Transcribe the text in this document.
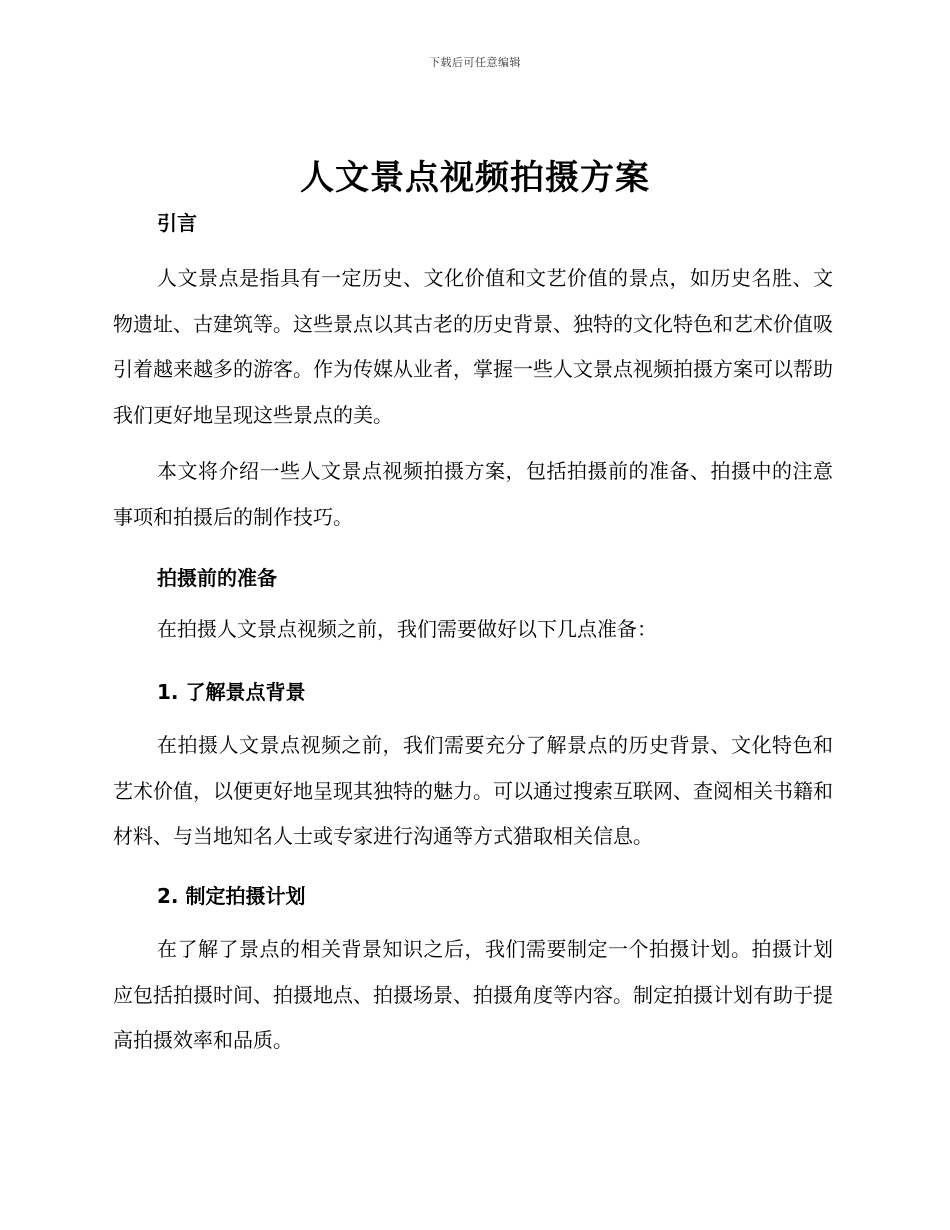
下载后可任意编辑
人文景点视频拍摄方案
引言

人文景点是指具有一定历史、文化价值和文艺价值的景点，如历史名胜、文物遗址、古建筑等。这些景点以其古老的历史背景、独特的文化特色和艺术价值吸引着越来越多的游客。作为传媒从业者，掌握一些人文景点视频拍摄方案可以帮助我们更好地呈现这些景点的美。

本文将介绍一些人文景点视频拍摄方案，包括拍摄前的准备、拍摄中的注意事项和拍摄后的制作技巧。

拍摄前的准备

在拍摄人文景点视频之前，我们需要做好以下几点准备：

1. 了解景点背景

在拍摄人文景点视频之前，我们需要充分了解景点的历史背景、文化特色和艺术价值，以便更好地呈现其独特的魅力。可以通过搜索互联网、查阅相关书籍和材料、与当地知名人士或专家进行沟通等方式猎取相关信息。

2. 制定拍摄计划

在了解了景点的相关背景知识之后，我们需要制定一个拍摄计划。拍摄计划应包括拍摄时间、拍摄地点、拍摄场景、拍摄角度等内容。制定拍摄计划有助于提高拍摄效率和品质。
